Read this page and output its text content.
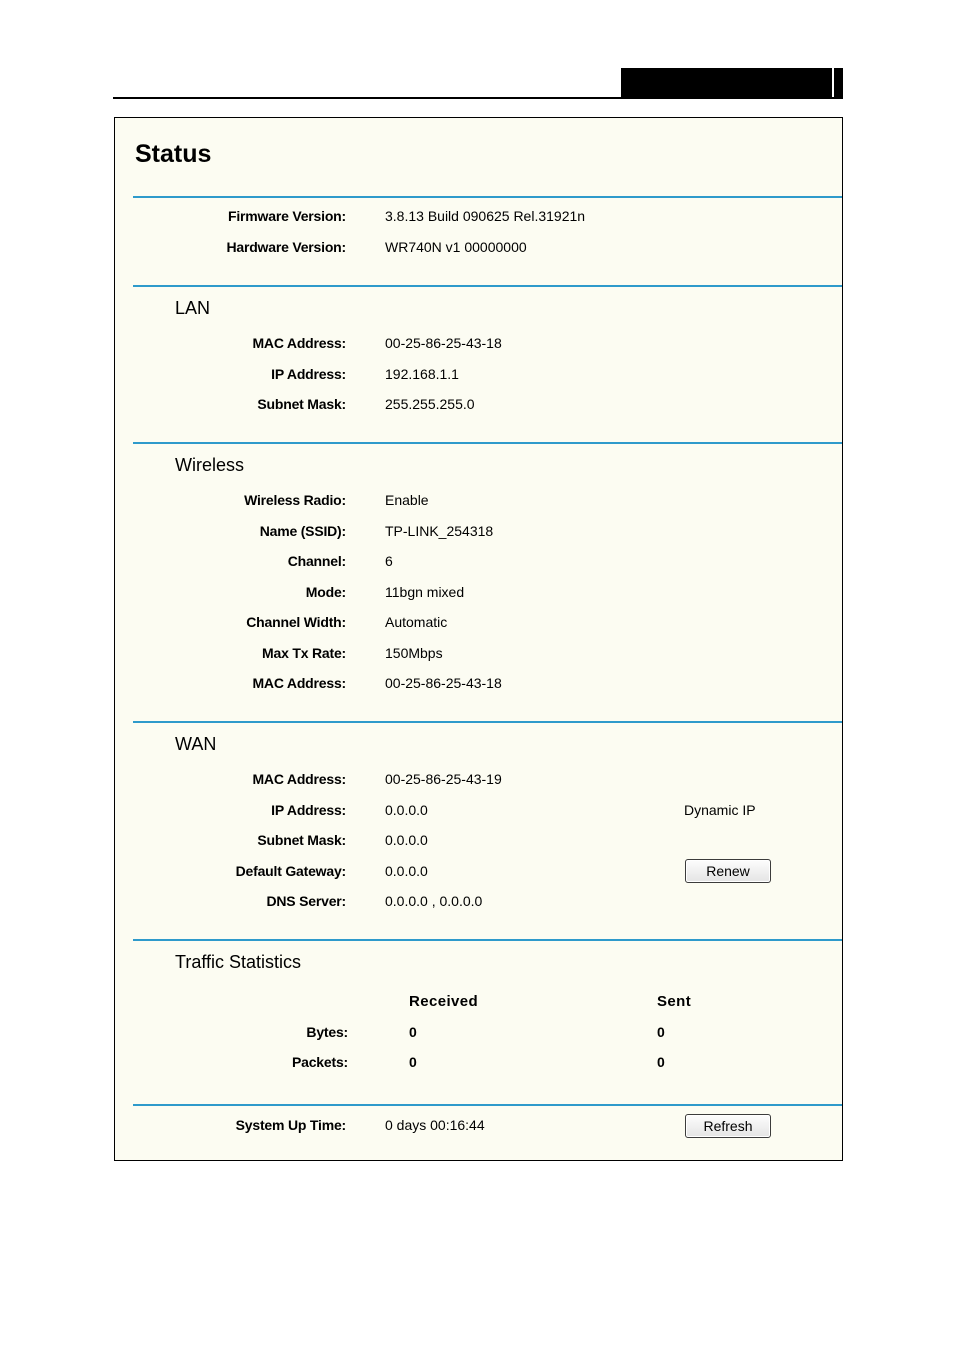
Status
Firmware Version:	3.8.13 Build 090625 Rel.31921n
Hardware Version:	WR740N v1 00000000
LAN
MAC Address:	00-25-86-25-43-18
IP Address:	192.168.1.1
Subnet Mask:	255.255.255.0
Wireless
Wireless Radio:	Enable
Name (SSID):	TP-LINK_254318
Channel:	6
Mode:	11bgn mixed
Channel Width:	Automatic
Max Tx Rate:	150Mbps
MAC Address:	00-25-86-25-43-18
WAN
MAC Address:	00-25-86-25-43-19
IP Address:	0.0.0.0	Dynamic IP
Subnet Mask:	0.0.0.0
Default Gateway:	0.0.0.0	Renew
DNS Server:	0.0.0.0 , 0.0.0.0
Traffic Statistics
Received	Sent
Bytes:	0	0
Packets:	0	0
System Up Time:	0 days 00:16:44	Refresh
